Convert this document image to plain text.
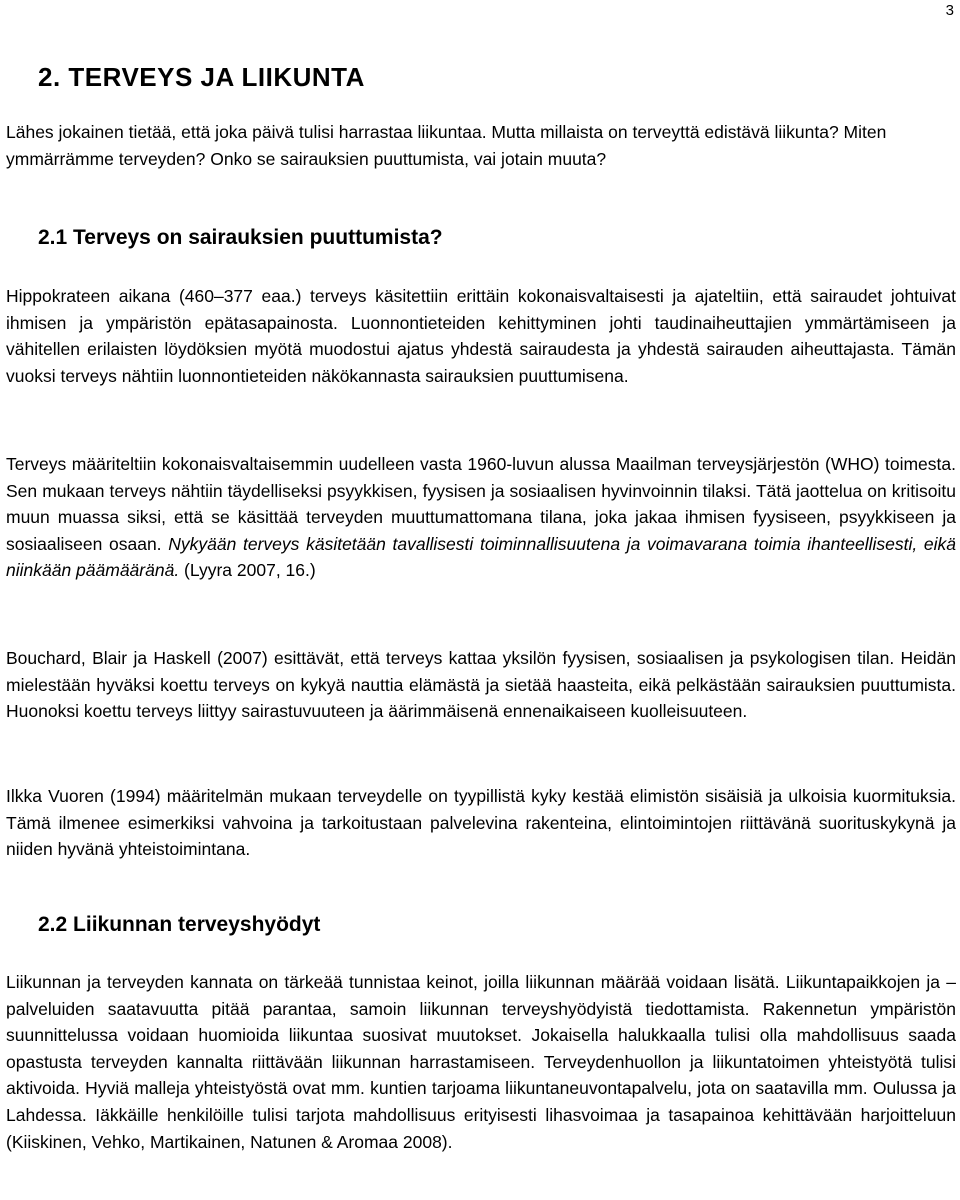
3
2. TERVEYS JA LIIKUNTA

Lähes jokainen tietää, että joka päivä tulisi harrastaa liikuntaa. Mutta millaista on terveyttä edistävä liikunta? Miten ymmärrämme terveyden? Onko se sairauksien puuttumista, vai jotain muuta?

2.1 Terveys on sairauksien puuttumista?

Hippokrateen aikana (460–377 eaa.) terveys käsitettiin erittäin kokonaisvaltaisesti ja ajateltiin, että sairaudet johtuivat ihmisen ja ympäristön epätasapainosta. Luonnontieteiden kehittyminen johti taudinaiheuttajien ymmärtämiseen ja vähitellen erilaisten löydöksien myötä muodostui ajatus yhdestä sairaudesta ja yhdestä sairauden aiheuttajasta. Tämän vuoksi terveys nähtiin luonnontieteiden näkökannasta sairauksien puuttumisena.

Terveys määriteltiin kokonaisvaltaisemmin uudelleen vasta 1960-luvun alussa Maailman terveysjärjestön (WHO) toimesta. Sen mukaan terveys nähtiin täydelliseksi psyykkisen, fyysisen ja sosiaalisen hyvinvoinnin tilaksi. Tätä jaottelua on kritisoitu muun muassa siksi, että se käsittää terveyden muuttumattomana tilana, joka jakaa ihmisen fyysiseen, psyykkiseen ja sosiaaliseen osaan. Nykyään terveys käsitetään tavallisesti toiminnallisuutena ja voimavarana toimia ihanteellisesti, eikä niinkään päämääränä. (Lyyra 2007, 16.)

Bouchard, Blair ja Haskell (2007) esittävät, että terveys kattaa yksilön fyysisen, sosiaalisen ja psykologisen tilan. Heidän mielestään hyväksi koettu terveys on kykyä nauttia elämästä ja sietää haasteita, eikä pelkästään sairauksien puuttumista. Huonoksi koettu terveys liittyy sairastuvuuteen ja äärimmäisenä ennenaikaiseen kuolleisuuteen.

Ilkka Vuoren (1994) määritelmän mukaan terveydelle on tyypillistä kyky kestää elimistön sisäisiä ja ulkoisia kuormituksia. Tämä ilmenee esimerkiksi vahvoina ja tarkoitustaan palvelevina rakenteina, elintoimintojen riittävänä suorituskykynä ja niiden hyvänä yhteistoimintana.

2.2 Liikunnan terveyshyödyt

Liikunnan ja terveyden kannata on tärkeää tunnistaa keinot, joilla liikunnan määrää voidaan lisätä. Liikuntapaikkojen ja –palveluiden saatavuutta pitää parantaa, samoin liikunnan terveyshyödyistä tiedottamista. Rakennetun ympäristön suunnittelussa voidaan huomioida liikuntaa suosivat muutokset. Jokaisella halukkaalla tulisi olla mahdollisuus saada opastusta terveyden kannalta riittävään liikunnan harrastamiseen. Terveydenhuollon ja liikuntatoimen yhteistyötä tulisi aktivoida. Hyviä malleja yhteistyöstä ovat mm. kuntien tarjoama liikuntaneuvontapalvelu, jota on saatavilla mm. Oulussa ja Lahdessa. Iäkkäille henkilöille tulisi tarjota mahdollisuus erityisesti lihasvoimaa ja tasapainoa kehittävään harjoitteluun (Kiiskinen, Vehko, Martikainen, Natunen & Aromaa 2008).
